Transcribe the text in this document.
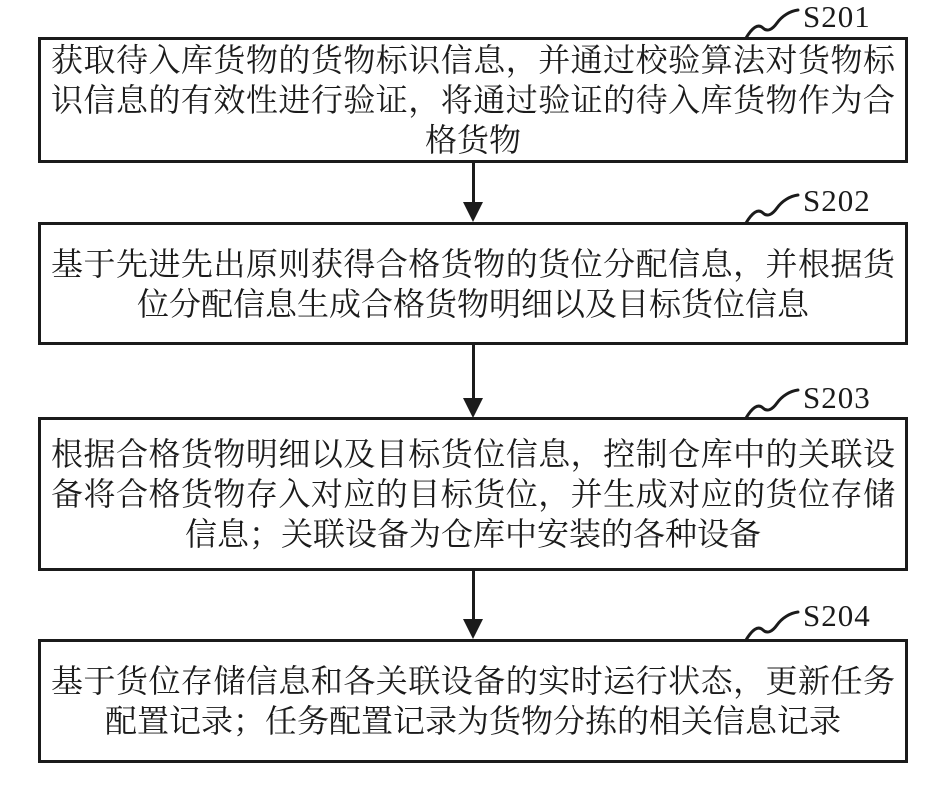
S201

获取待入库货物的货物标识信息，并通过校验算法对货物标识信息的有效性进行验证，将通过验证的待入库货物作为合格货物

S202

基于先进先出原则获得合格货物的货位分配信息，并根据货位分配信息生成合格货物明细以及目标货位信息

S203

根据合格货物明细以及目标货位信息，控制仓库中的关联设备将合格货物存入对应的目标货位，并生成对应的货位存储信息；关联设备为仓库中安装的各种设备

S204

基于货位存储信息和各关联设备的实时运行状态，更新任务配置记录；任务配置记录为货物分拣的相关信息记录
